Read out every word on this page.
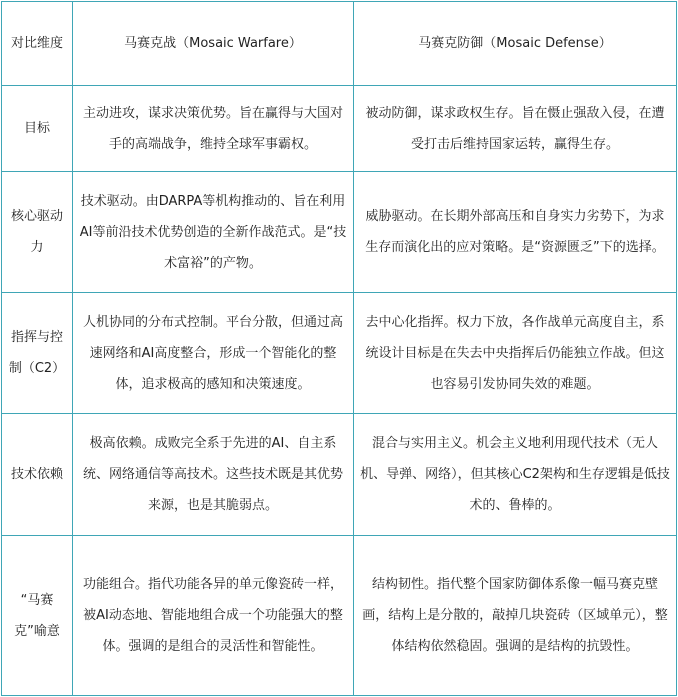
对比维度	马赛克战（Mosaic Warfare）	马赛克防御（Mosaic Defense）
目标	主动进攻，谋求决策优势。旨在赢得与大国对手的高端战争，维持全球军事霸权。	被动防御，谋求政权生存。旨在慑止强敌入侵，在遭受打击后维持国家运转，赢得生存。
核心驱动力	技术驱动。由DARPA等机构推动的、旨在利用AI等前沿技术优势创造的全新作战范式。是“技术富裕”的产物。	威胁驱动。在长期外部高压和自身实力劣势下，为求生存而演化出的应对策略。是“资源匮乏”下的选择。
指挥与控制（C2）	人机协同的分布式控制。平台分散，但通过高速网络和AI高度整合，形成一个智能化的整体，追求极高的感知和决策速度。	去中心化指挥。权力下放，各作战单元高度自主，系统设计目标是在失去中央指挥后仍能独立作战。但这也容易引发协同失效的难题。
技术依赖	极高依赖。成败完全系于先进的AI、自主系统、网络通信等高技术。这些技术既是其优势来源，也是其脆弱点。	混合与实用主义。机会主义地利用现代技术（无人机、导弹、网络），但其核心C2架构和生存逻辑是低技术的、鲁棒的。
“马赛克”喻意	功能组合。指代功能各异的单元像瓷砖一样，被AI动态地、智能地组合成一个功能强大的整体。强调的是组合的灵活性和智能性。	结构韧性。指代整个国家防御体系像一幅马赛克壁画，结构上是分散的，敲掉几块瓷砖（区域单元），整体结构依然稳固。强调的是结构的抗毁性。
